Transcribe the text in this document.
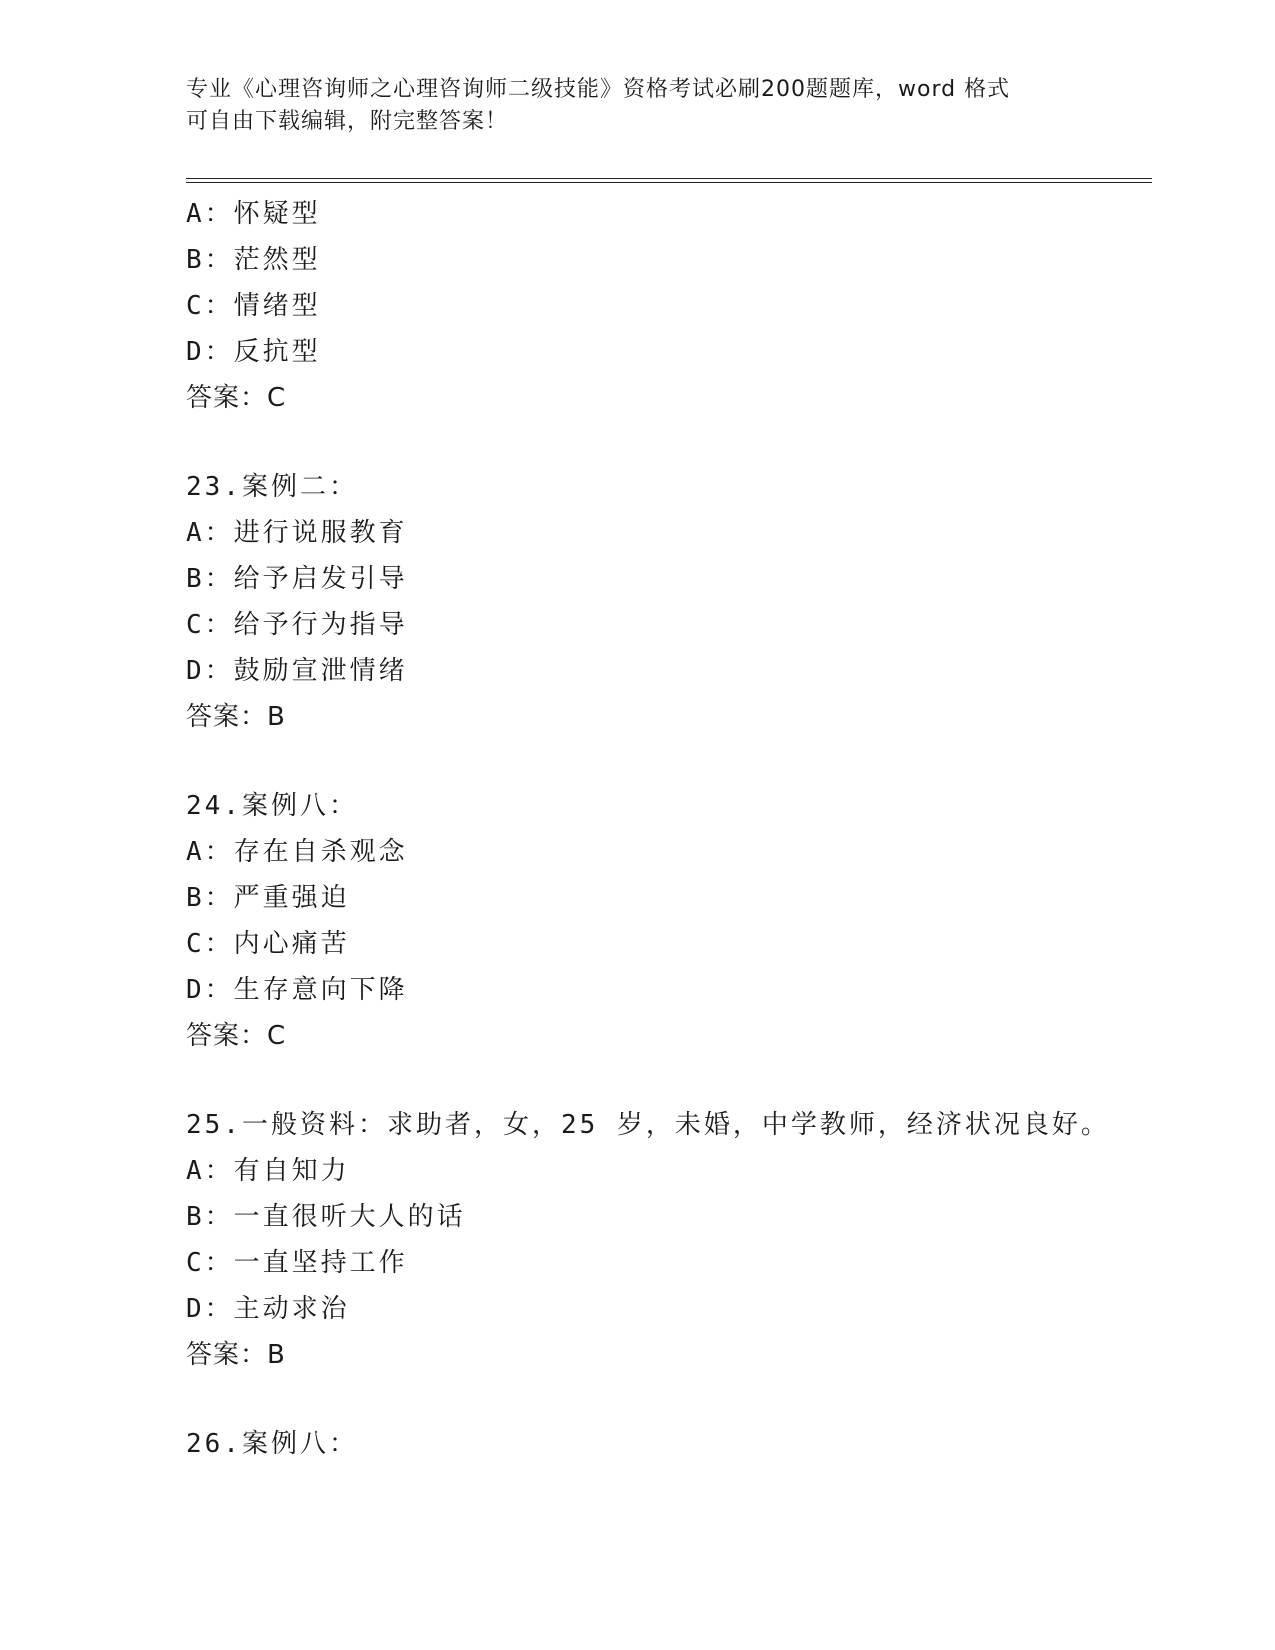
专业《心理咨询师之心理咨询师二级技能》资格考试必刷200题题库，word 格式
可自由下载编辑，附完整答案！
A：怀疑型
B：茫然型
C：情绪型
D：反抗型
答案：C
23.案例二：
A：进行说服教育
B：给予启发引导
C：给予行为指导
D：鼓励宣泄情绪
答案：B
24.案例八：
A：存在自杀观念
B：严重强迫
C：内心痛苦
D：生存意向下降
答案：C
25.一般资料：求助者，女，25 岁，未婚，中学教师，经济状况良好。
A：有自知力
B：一直很听大人的话
C：一直坚持工作
D：主动求治
答案：B
26.案例八：
